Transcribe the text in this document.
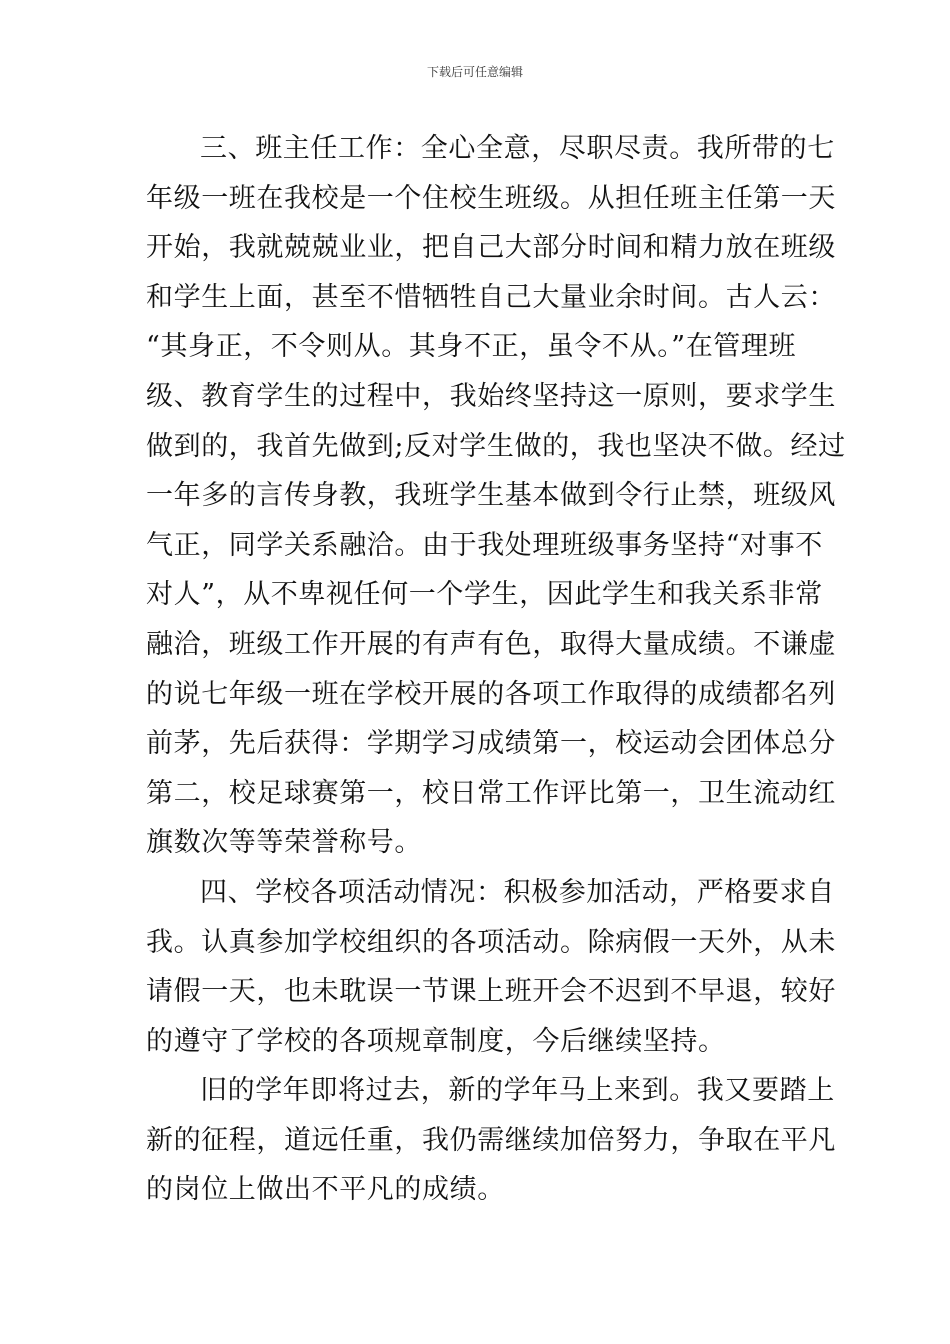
下载后可任意编辑

三、班主任工作：全心全意，尽职尽责。我所带的七
年级一班在我校是一个住校生班级。从担任班主任第一天
开始，我就兢兢业业，把自己大部分时间和精力放在班级
和学生上面，甚至不惜牺牲自己大量业余时间。古人云：
“其身正，不令则从。其身不正，虽令不从。”在管理班
级、教育学生的过程中，我始终坚持这一原则，要求学生
做到的，我首先做到;反对学生做的，我也坚决不做。经过
一年多的言传身教，我班学生基本做到令行止禁，班级风
气正，同学关系融洽。由于我处理班级事务坚持“对事不
对人”，从不卑视任何一个学生，因此学生和我关系非常
融洽，班级工作开展的有声有色，取得大量成绩。不谦虚
的说七年级一班在学校开展的各项工作取得的成绩都名列
前茅，先后获得：学期学习成绩第一，校运动会团体总分
第二，校足球赛第一，校日常工作评比第一，卫生流动红
旗数次等等荣誉称号。

四、学校各项活动情况：积极参加活动，严格要求自
我。认真参加学校组织的各项活动。除病假一天外，从未
请假一天，也未耽误一节课上班开会不迟到不早退，较好
的遵守了学校的各项规章制度，今后继续坚持。

旧的学年即将过去，新的学年马上来到。我又要踏上
新的征程，道远任重，我仍需继续加倍努力，争取在平凡
的岗位上做出不平凡的成绩。
